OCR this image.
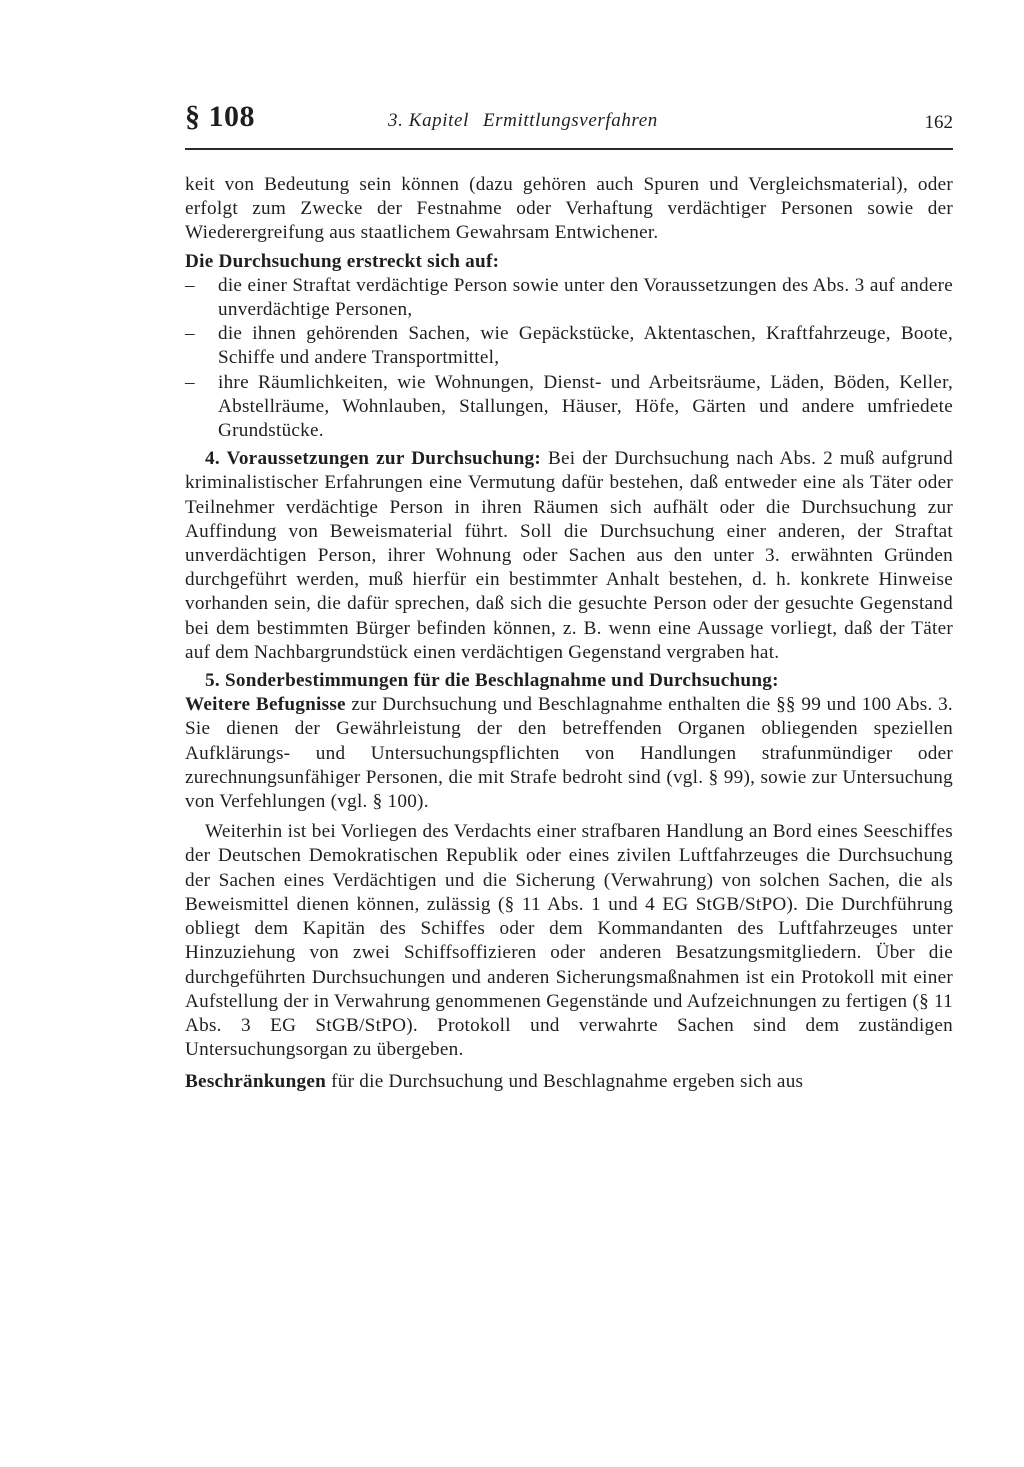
§ 108	3. Kapitel Ermittlungsverfahren	162

keit von Bedeutung sein können (dazu gehören auch Spuren und Vergleichsmaterial), oder erfolgt zum Zwecke der Festnahme oder Verhaftung verdächtiger Personen sowie der Wiederergreifung aus staatlichem Gewahrsam Entwichener.

Die Durchsuchung erstreckt sich auf:

– die einer Straftat verdächtige Person sowie unter den Voraussetzungen des Abs. 3 auf andere unverdächtige Personen,
– die ihnen gehörenden Sachen, wie Gepäckstücke, Aktentaschen, Kraftfahrzeuge, Boote, Schiffe und andere Transportmittel,
– ihre Räumlichkeiten, wie Wohnungen, Dienst- und Arbeitsräume, Läden, Böden, Keller, Abstellräume, Wohnlauben, Stallungen, Häuser, Höfe, Gärten und andere umfriedete Grundstücke.

4. Voraussetzungen zur Durchsuchung: Bei der Durchsuchung nach Abs. 2 muß aufgrund kriminalistischer Erfahrungen eine Vermutung dafür bestehen, daß entweder eine als Täter oder Teilnehmer verdächtige Person in ihren Räumen sich aufhält oder die Durchsuchung zur Auffindung von Beweismaterial führt. Soll die Durchsuchung einer anderen, der Straftat unverdächtigen Person, ihrer Wohnung oder Sachen aus den unter 3. erwähnten Gründen durchgeführt werden, muß hierfür ein bestimmter Anhalt bestehen, d. h. konkrete Hinweise vorhanden sein, die dafür sprechen, daß sich die gesuchte Person oder der gesuchte Gegenstand bei dem bestimmten Bürger befinden können, z. B. wenn eine Aussage vorliegt, daß der Täter auf dem Nachbargrundstück einen verdächtigen Gegenstand vergraben hat.

5. Sonderbestimmungen für die Beschlagnahme und Durchsuchung:

Weitere Befugnisse zur Durchsuchung und Beschlagnahme enthalten die §§ 99 und 100 Abs. 3. Sie dienen der Gewährleistung der den betreffenden Organen obliegenden speziellen Aufklärungs- und Untersuchungspflichten von Handlungen strafunmündiger oder zurechnungsunfähiger Personen, die mit Strafe bedroht sind (vgl. § 99), sowie zur Untersuchung von Verfehlungen (vgl. § 100).

Weiterhin ist bei Vorliegen des Verdachts einer strafbaren Handlung an Bord eines Seeschiffes der Deutschen Demokratischen Republik oder eines zivilen Luftfahrzeuges die Durchsuchung der Sachen eines Verdächtigen und die Sicherung (Verwahrung) von solchen Sachen, die als Beweismittel dienen können, zulässig (§ 11 Abs. 1 und 4 EG StGB/StPO). Die Durchführung obliegt dem Kapitän des Schiffes oder dem Kommandanten des Luftfahrzeuges unter Hinzuziehung von zwei Schiffsoffizieren oder anderen Besatzungsmitgliedern. Über die durchgeführten Durchsuchungen und anderen Sicherungsmaßnahmen ist ein Protokoll mit einer Aufstellung der in Verwahrung genommenen Gegenstände und Aufzeichnungen zu fertigen (§ 11 Abs. 3 EG StGB/StPO). Protokoll und verwahrte Sachen sind dem zuständigen Untersuchungsorgan zu übergeben.

Beschränkungen für die Durchsuchung und Beschlagnahme ergeben sich aus
